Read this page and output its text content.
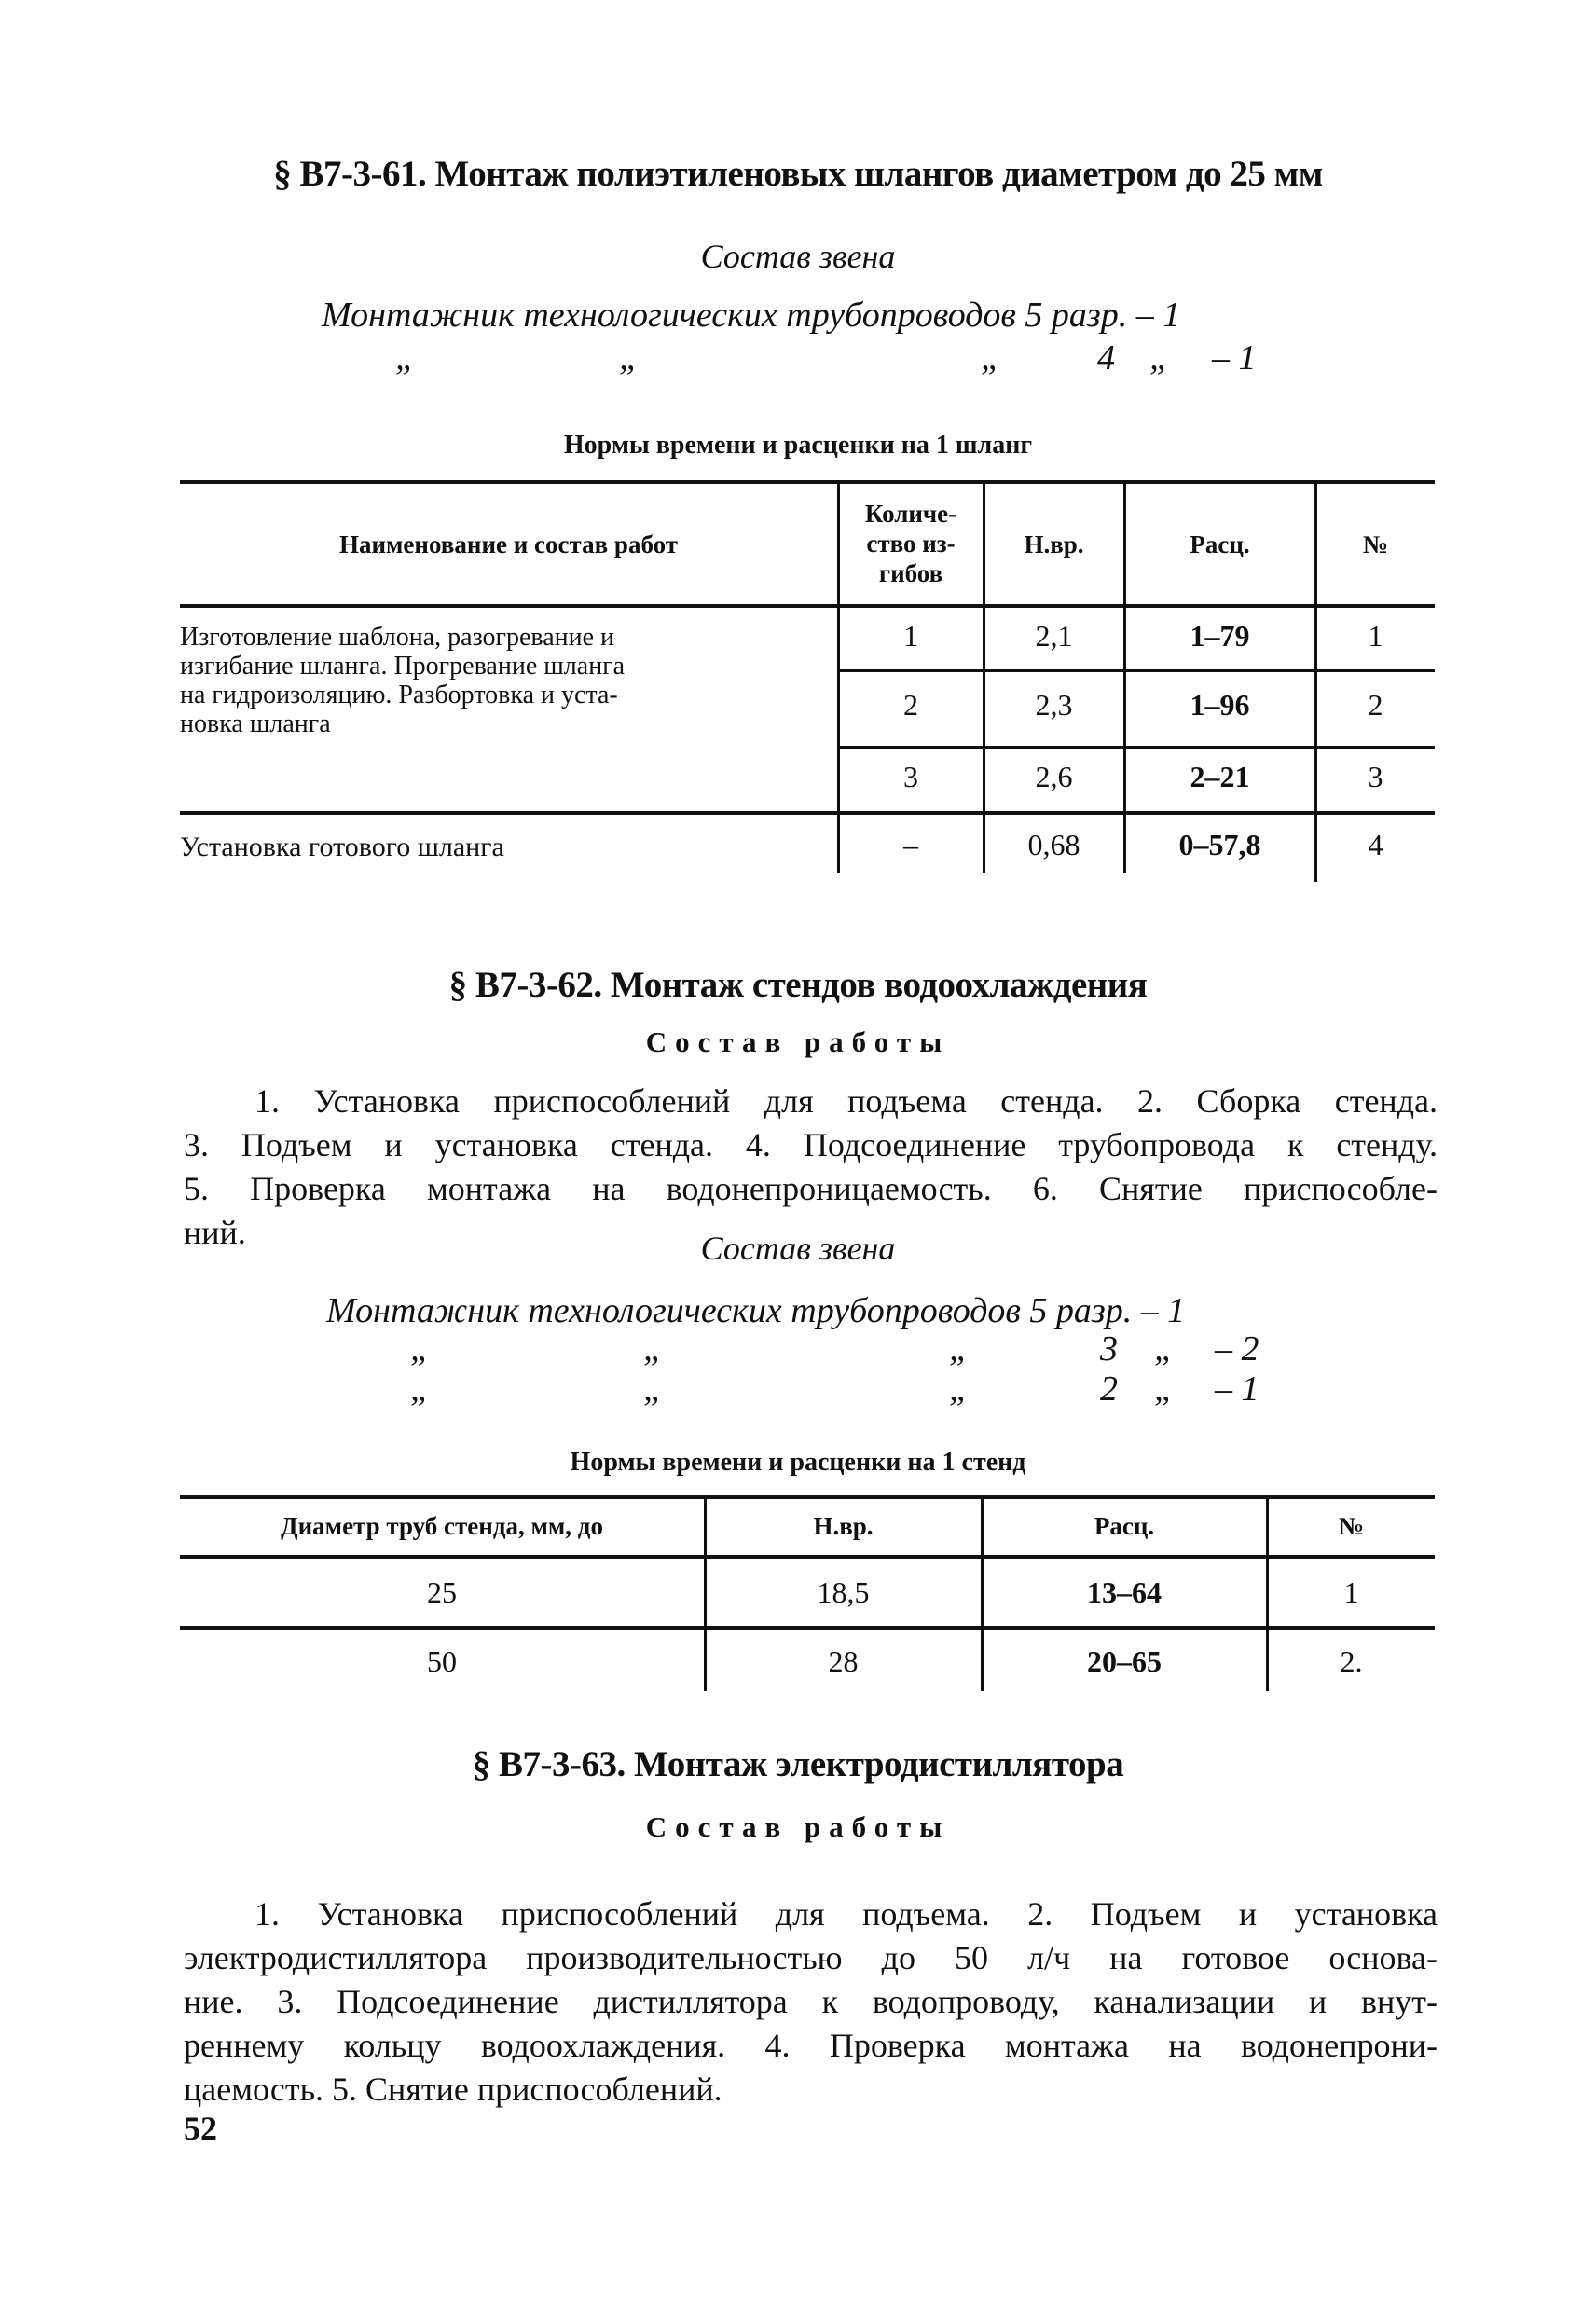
§ В7-3-61. Монтаж полиэтиленовых шлангов диаметром до 25 мм
Состав звена
Монтажник технологических трубопроводов 5 разр. – 1
„	„	„	4 „ – 1
Нормы времени и расценки на 1 шланг
Наименование и состав работ
Количе-
ство из-
гибов
Н.вр.	Расц.	№
Изготовление шаблона, разогревание и
изгибание шланга. Прогревание шланга
на гидроизоляцию. Разбортовка и уста-
новка шланга
1	2,1	1–79	1
2	2,3	1–96	2
3	2,6	2–21	3
Установка готового шланга	–	0,68	0–57,8	4
§ В7-3-62. Монтаж стендов водоохлаждения
Состав работы
1. Установка приспособлений для подъема стенда. 2. Сборка стенда.
3. Подъем и установка стенда. 4. Подсоединение трубопровода к стенду.
5. Проверка монтажа на водонепроницаемость. 6. Снятие приспособле-
ний.	Состав звена
Монтажник технологических трубопроводов 5 разр. – 1
„	„	„	3 „ – 2
„	„	„	2 „ – 1
Нормы времени и расценки на 1 стенд
Диаметр труб стенда, мм, до	Н.вр.	Расц.	№
25	18,5	13–64	1
50	28	20–65	2.
§ В7-3-63. Монтаж электродистиллятора
Состав работы
1. Установка приспособлений для подъема. 2. Подъем и установка
электродистиллятора производительностью до 50 л/ч на готовое основа-
ние. 3. Подсоединение дистиллятора к водопроводу, канализации и внут-
реннему кольцу водоохлаждения. 4. Проверка монтажа на водонепрони-
цаемость. 5. Снятие приспособлений.
52
